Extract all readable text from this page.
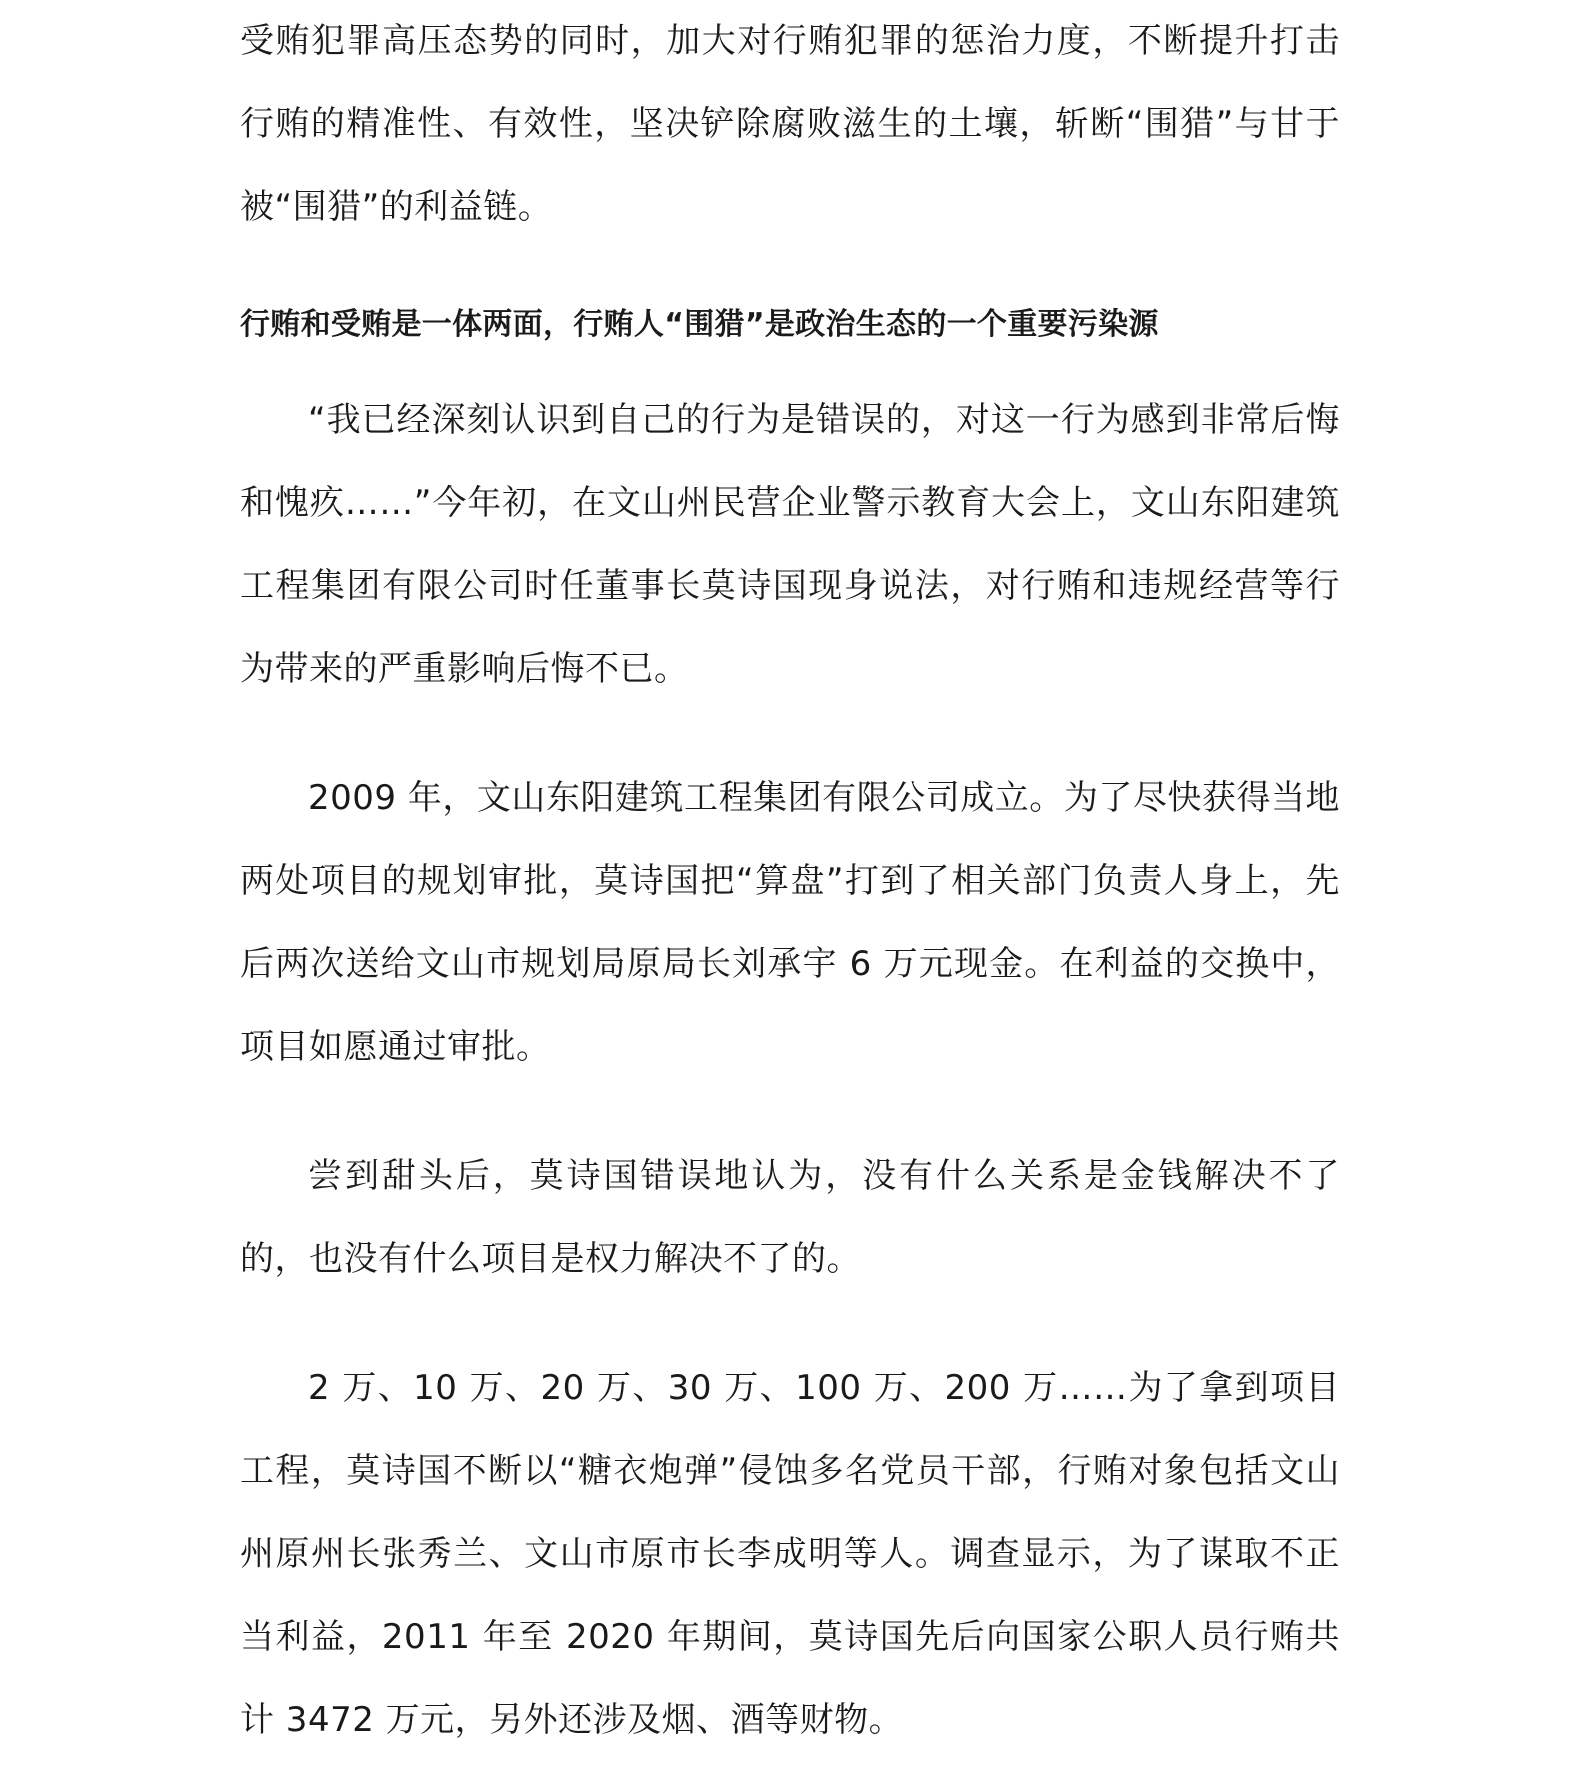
受贿犯罪高压态势的同时，加大对行贿犯罪的惩治力度，不断提升打击行贿的精准性、有效性，坚决铲除腐败滋生的土壤，斩断“围猎”与甘于被“围猎”的利益链。

行贿和受贿是一体两面，行贿人“围猎”是政治生态的一个重要污染源

“我已经深刻认识到自己的行为是错误的，对这一行为感到非常后悔和愧疚……”今年初，在文山州民营企业警示教育大会上，文山东阳建筑工程集团有限公司时任董事长莫诗国现身说法，对行贿和违规经营等行为带来的严重影响后悔不已。

2009 年，文山东阳建筑工程集团有限公司成立。为了尽快获得当地两处项目的规划审批，莫诗国把“算盘”打到了相关部门负责人身上，先后两次送给文山市规划局原局长刘承宇 6 万元现金。在利益的交换中，项目如愿通过审批。

尝到甜头后，莫诗国错误地认为，没有什么关系是金钱解决不了的，也没有什么项目是权力解决不了的。

2 万、10 万、20 万、30 万、100 万、200 万……为了拿到项目工程，莫诗国不断以“糖衣炮弹”侵蚀多名党员干部，行贿对象包括文山州原州长张秀兰、文山市原市长李成明等人。调查显示，为了谋取不正当利益，2011 年至 2020 年期间，莫诗国先后向国家公职人员行贿共计 3472 万元，另外还涉及烟、酒等财物。
